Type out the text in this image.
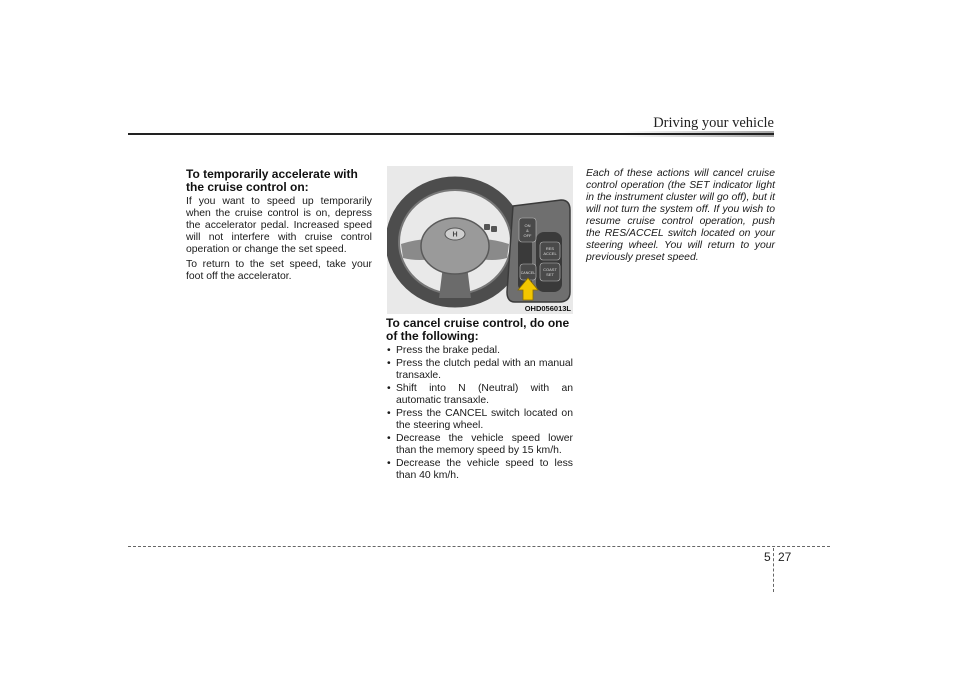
Driving your vehicle
To temporarily accelerate with the cruise control on:

If you want to speed up temporarily when the cruise control is on, depress the accelerator pedal. Increased speed will not interfere with cruise control operation or change the set speed.

To return to the set speed, take your foot off the accelerator.

H
ON
&
OFF
RES
ACCEL
COAST
SET
CANCEL
OHD056013L
To cancel cruise control, do one of the following:
• Press the brake pedal.
• Press the clutch pedal with an manual transaxle.
• Shift into N (Neutral) with an automatic transaxle.
• Press the CANCEL switch located on the steering wheel.
• Decrease the vehicle speed lower than the memory speed by 15 km/h.
• Decrease the vehicle speed to less than 40 km/h.

Each of these actions will cancel cruise control operation (the SET indicator light in the instrument cluster will go off), but it will not turn the system off. If you wish to resume cruise control operation, push the RES/ACCEL switch located on your steering wheel. You will return to your previously preset speed.

5 27
